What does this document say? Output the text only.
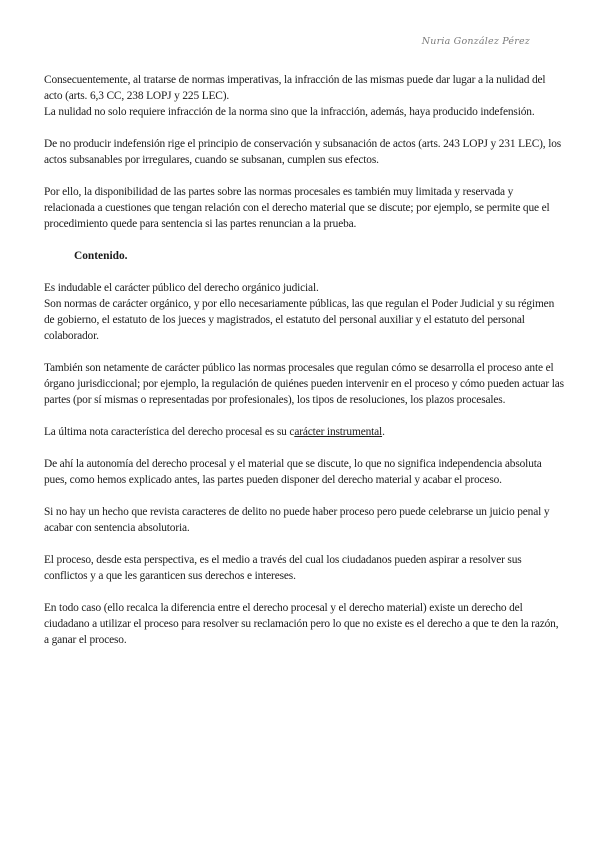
Nuria González Pérez

Consecuentemente, al tratarse de normas imperativas, la infracción de las mismas puede dar lugar a la nulidad del acto (arts. 6,3 CC, 238 LOPJ y 225 LEC).

La nulidad no solo requiere infracción de la norma sino que la infracción, además, haya producido indefensión.

De no producir indefensión rige el principio de conservación y subsanación de actos (arts. 243 LOPJ y 231 LEC), los actos subsanables por irregulares, cuando se subsanan, cumplen sus efectos.

Por ello, la disponibilidad de las partes sobre las normas procesales es también muy limitada y reservada y relacionada a cuestiones que tengan relación con el derecho material que se discute; por ejemplo, se permite que el procedimiento quede para sentencia si las partes renuncian a la prueba.

Contenido.

Es indudable el carácter público del derecho orgánico judicial.

Son normas de carácter orgánico, y por ello necesariamente públicas, las que regulan el Poder Judicial y su régimen de gobierno, el estatuto de los jueces y magistrados, el estatuto del personal auxiliar y el estatuto del personal colaborador.

También son netamente de carácter público las normas procesales que regulan cómo se desarrolla el proceso ante el órgano jurisdiccional; por ejemplo, la regulación de quiénes pueden intervenir en el proceso y cómo pueden actuar las partes (por sí mismas o representadas por profesionales), los tipos de resoluciones, los plazos procesales.

La última nota característica del derecho procesal es su carácter instrumental.

De ahí la autonomía del derecho procesal y el material que se discute, lo que no significa independencia absoluta pues, como hemos explicado antes, las partes pueden disponer del derecho material y acabar el proceso.

Si no hay un hecho que revista caracteres de delito no puede haber proceso pero puede celebrarse un juicio penal y acabar con sentencia absolutoria.

El proceso, desde esta perspectiva, es el medio a través del cual los ciudadanos pueden aspirar a resolver sus conflictos y a que les garanticen sus derechos e intereses.

En todo caso (ello recalca la diferencia entre el derecho procesal y el derecho material) existe un derecho del ciudadano a utilizar el proceso para resolver su reclamación pero lo que no existe es el derecho a que te den la razón, a ganar el proceso.
